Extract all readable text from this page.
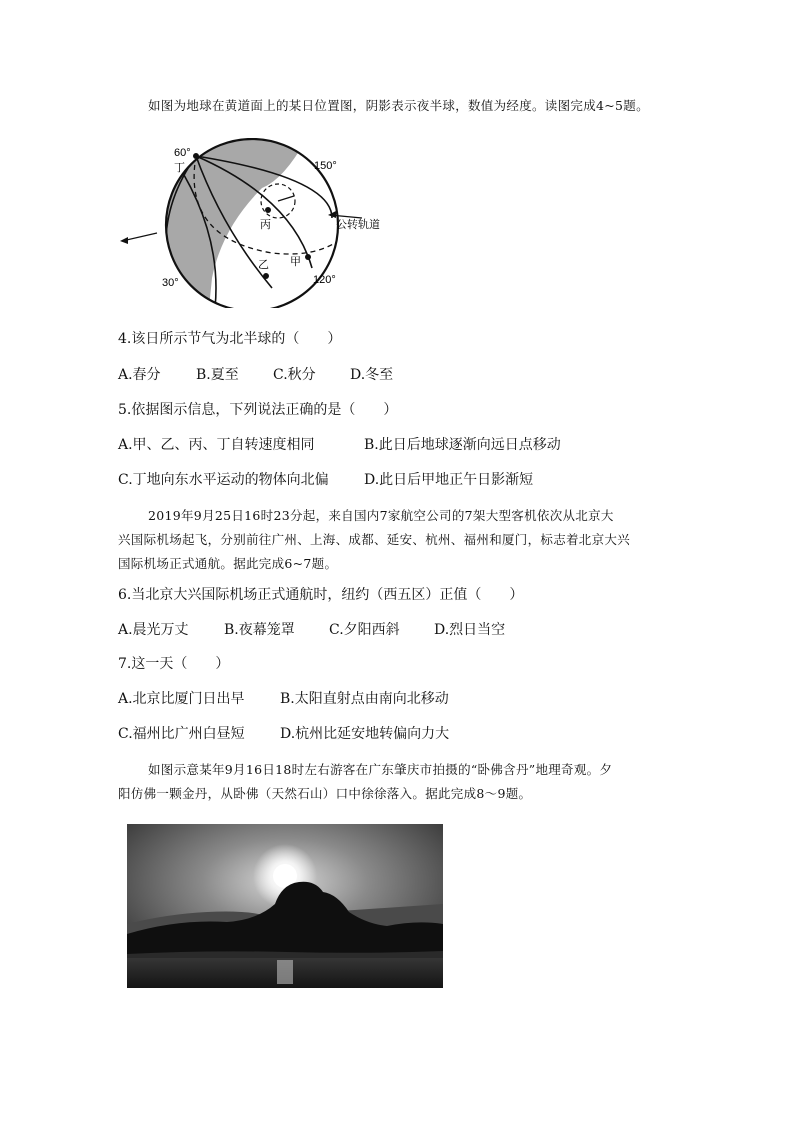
如图为地球在黄道面上的某日位置图，阴影表示夜半球，数值为经度。读图完成4~5题。
60°
丁	150°
丙	公转轨道
乙 甲
30°	120°
4.该日所示节气为北半球的（　　）
A.春分	B.夏至 C.秋分 D.冬至
5.依据图示信息，下列说法正确的是（　　）
A.甲、乙、丙、丁自转速度相同	B.此日后地球逐渐向远日点移动
C.丁地向东水平运动的物体向北偏	D.此日后甲地正午日影渐短
2019年9月25日16时23分起，来自国内7家航空公司的7架大型客机依次从北京大
兴国际机场起飞，分别前往广州、上海、成都、延安、杭州、福州和厦门，标志着北京大兴
国际机场正式通航。据此完成6~7题。
6.当北京大兴国际机场正式通航时，纽约（西五区）正值（　　）
A.晨光万丈	B.夜幕笼罩 C.夕阳西斜 D.烈日当空
7.这一天（　　）
A.北京比厦门日出早	B.太阳直射点由南向北移动
C.福州比广州白昼短	D.杭州比延安地转偏向力大
如图示意某年9月16日18时左右游客在广东肇庆市拍摄的“卧佛含丹”地理奇观。夕
阳仿佛一颗金丹，从卧佛（天然石山）口中徐徐落入。据此完成8～9题。
